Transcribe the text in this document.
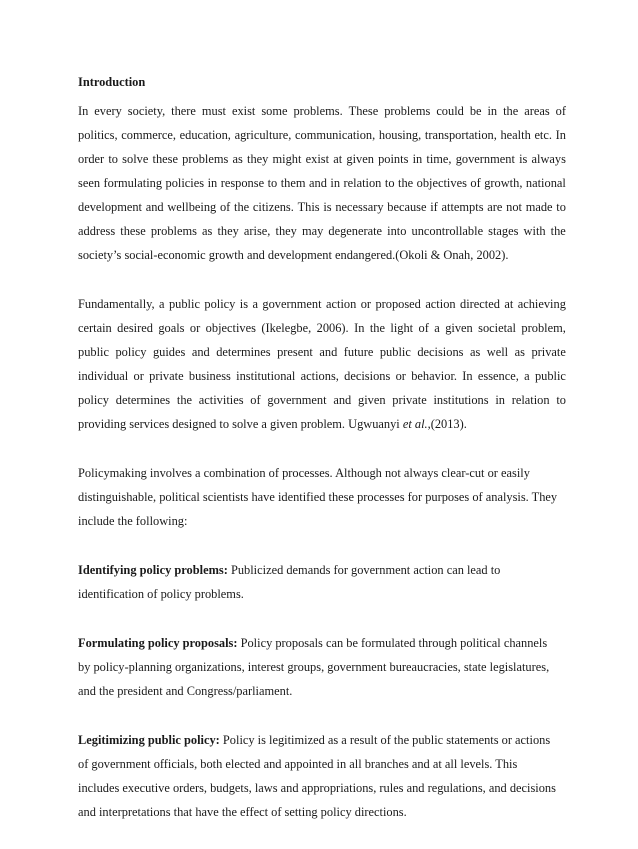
Introduction
In every society, there must exist some problems. These problems could be in the areas of
politics, commerce, education, agriculture, communication, housing, transportation, health etc. In
order to solve these problems as they might exist at given points in time, government is always
seen formulating policies in response to them and in relation to the objectives of growth, national
development and wellbeing of the citizens. This is necessary because if attempts are not made to
address these problems as they arise, they may degenerate into uncontrollable stages with the
society’s social-economic growth and development endangered.(Okoli & Onah, 2002).
Fundamentally, a public policy is a government action or proposed action directed at achieving
certain desired goals or objectives (Ikelegbe, 2006). In the light of a given societal problem,
public policy guides and determines present and future public decisions as well as private
individual or private business institutional actions, decisions or behavior. In essence, a public
policy determines the activities of government and given private institutions in relation to
providing services designed to solve a given problem. Ugwuanyi et al.,(2013).
Policymaking involves a combination of processes. Although not always clear-cut or easily
distinguishable, political scientists have identified these processes for purposes of analysis. They
include the following:
Identifying policy problems: Publicized demands for government action can lead to
identification of policy problems.
Formulating policy proposals: Policy proposals can be formulated through political channels
by policy-planning organizations, interest groups, government bureaucracies, state legislatures,
and the president and Congress/parliament.
Legitimizing public policy: Policy is legitimized as a result of the public statements or actions
of government officials, both elected and appointed in all branches and at all levels. This
includes executive orders, budgets, laws and appropriations, rules and regulations, and decisions
and interpretations that have the effect of setting policy directions.
